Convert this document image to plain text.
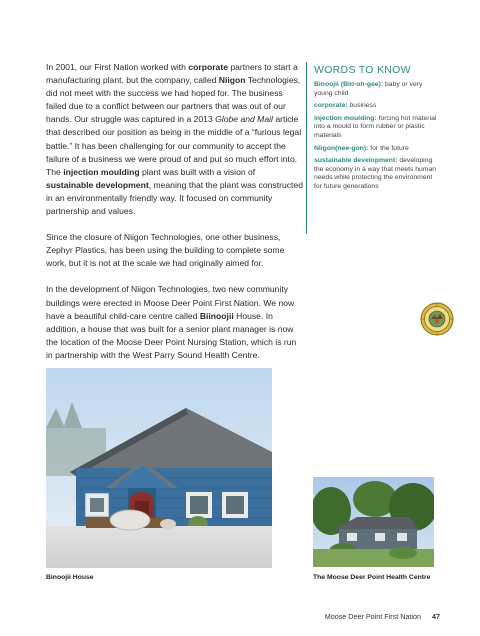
In 2001, our First Nation worked with corporate partners to start a manufacturing plant, but the company, called Niigon Technologies, did not meet with the success we had hoped for. The business failed due to a conflict between our partners that was out of our hands. Our struggle was captured in a 2013 Globe and Mail article that described our position as being in the middle of a “furious legal battle.” It has been challenging for our community to accept the failure of a business we were proud of and put so much effort into. The injection moulding plant was built with a vision of sustainable development, meaning that the plant was constructed in an environmentally friendly way. It focused on community partnership and values.

Since the closure of Niigon Technologies, one other business, Zephyr Plastics, has been using the building to complete some work, but it is not at the scale we had originally aimed for.

In the development of Niigon Technologies, two new community buildings were erected in Moose Deer Point First Nation. We now have a beautiful child-care centre called Biinoojii House. In addition, a house that was built for a senior plant manager is now the location of the Moose Deer Point Nursing Station, which is run in partnership with the West Parry Sound Health Centre.

WORDS TO KNOW
Binoojii (Bin-oh-gee): baby or very young child
corporate: business
injection moulding: forcing hot material into a mould to form rubber or plastic materials
Niigon(nee-gon): for the future
sustainable development: developing the economy in a way that meets human needs while protecting the environment for future generations
Binoojii House	The Moose Deer Point Health Centre
Moose Deer Point First Nation 47
